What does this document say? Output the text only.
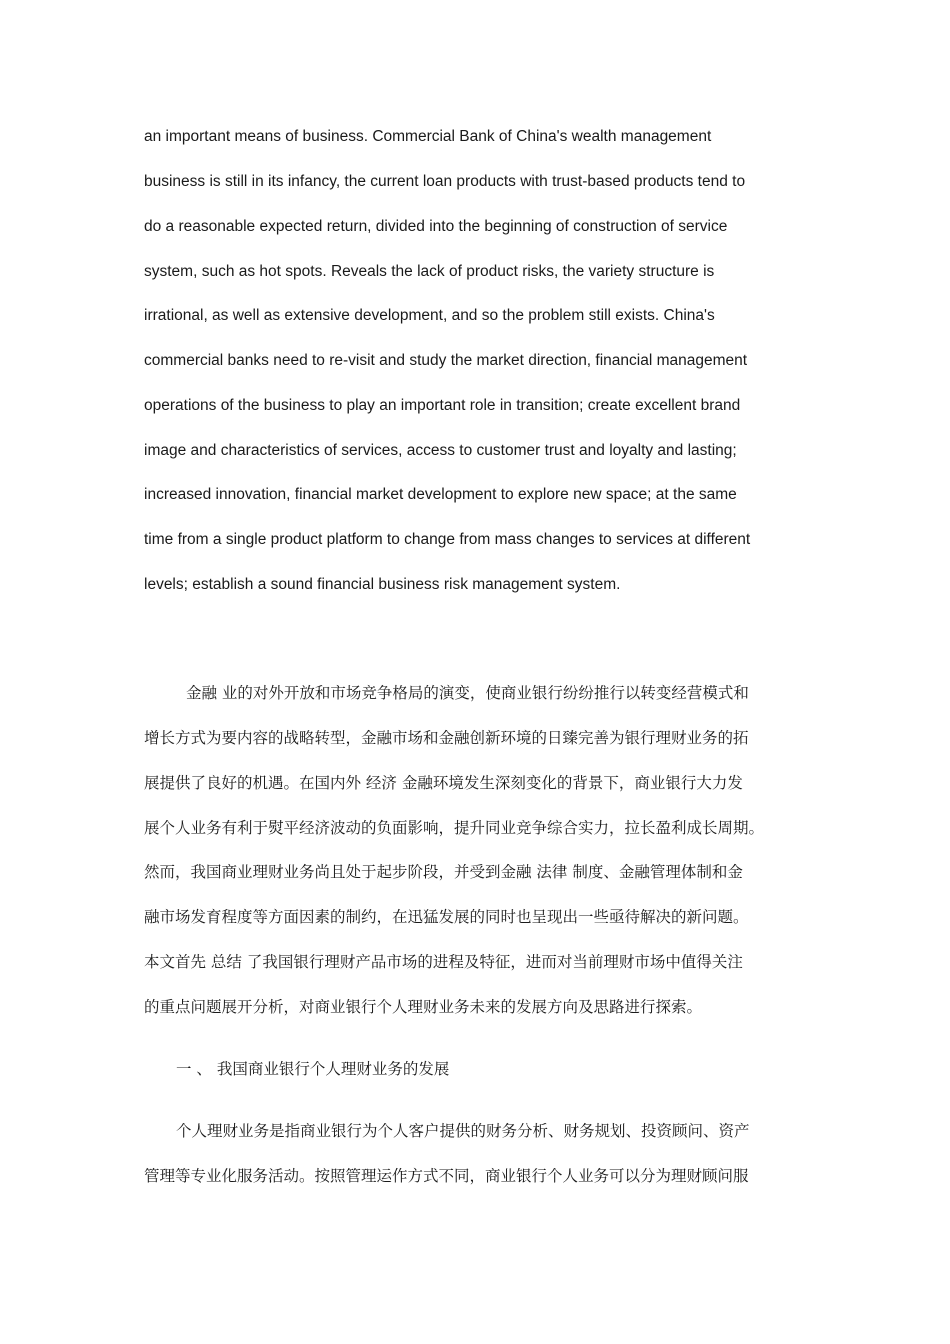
an important means of business. Commercial Bank of China's wealth management
business is still in its infancy, the current loan products with trust-based products tend to
do a reasonable expected return, divided into the beginning of construction of service
system, such as hot spots. Reveals the lack of product risks, the variety structure is
irrational, as well as extensive development, and so the problem still exists. China's
commercial banks need to re-visit and study the market direction, financial management
operations of the business to play an important role in transition; create excellent brand
image and characteristics of services, access to customer trust and loyalty and lasting;
increased innovation, financial market development to explore new space; at the same
time from a single product platform to change from mass changes to services at different
levels; establish a sound financial business risk management system.
金融 业的对外开放和市场竞争格局的演变，使商业银行纷纷推行以转变经营模式和
增长方式为要内容的战略转型，金融市场和金融创新环境的日臻完善为银行理财业务的拓
展提供了良好的机遇。在国内外 经济 金融环境发生深刻变化的背景下，商业银行大力发
展个人业务有利于熨平经济波动的负面影响，提升同业竞争综合实力，拉长盈利成长周期。
然而，我国商业理财业务尚且处于起步阶段，并受到金融 法律 制度、金融管理体制和金
融市场发育程度等方面因素的制约，在迅猛发展的同时也呈现出一些亟待解决的新问题。
本文首先 总结 了我国银行理财产品市场的进程及特征，进而对当前理财市场中值得关注
的重点问题展开分析，对商业银行个人理财业务未来的发展方向及思路进行探索。
一 、 我国商业银行个人理财业务的发展
个人理财业务是指商业银行为个人客户提供的财务分析、财务规划、投资顾问、资产
管理等专业化服务活动。按照管理运作方式不同，商业银行个人业务可以分为理财顾问服
